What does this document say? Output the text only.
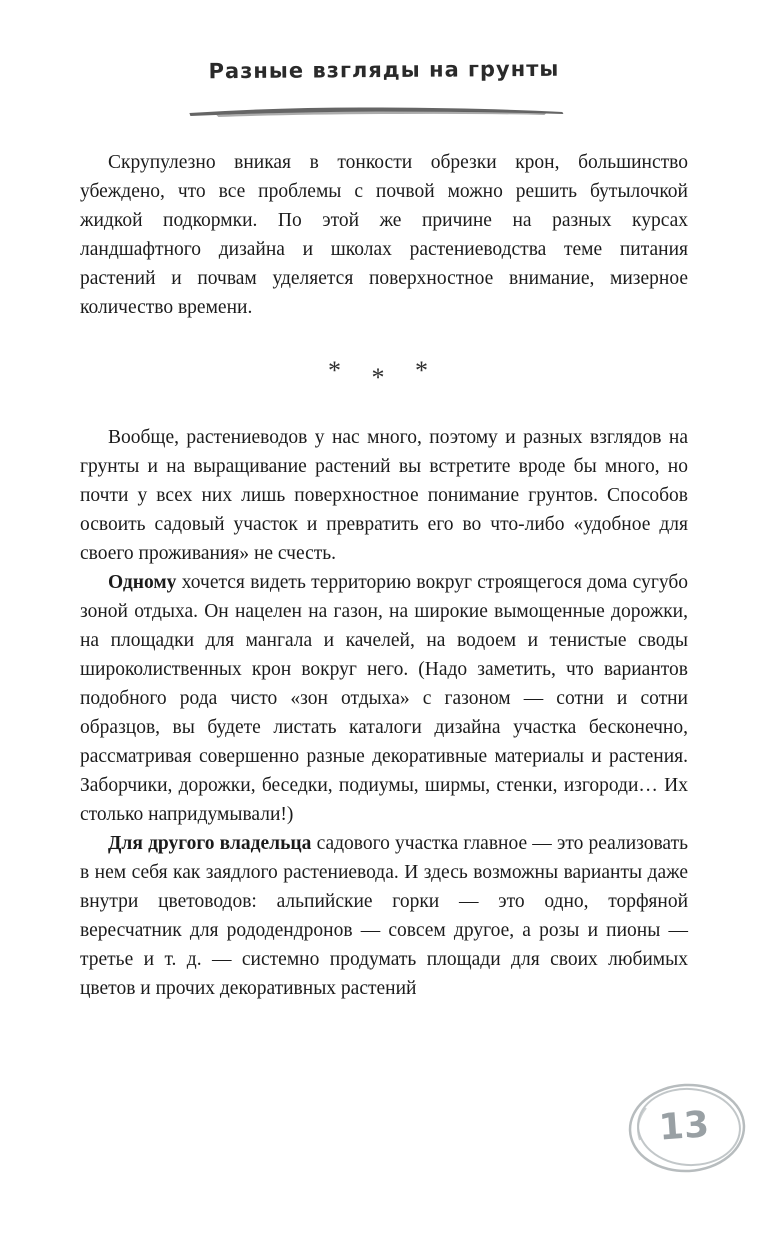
Разные взгляды на грунты

Скрупулезно вникая в тонкости обрезки крон, большинство убеждено, что все проблемы с почвой можно решить бутылочкой жидкой подкормки. По этой же причине на разных курсах ландшафтного дизайна и школах растениеводства теме питания растений и почвам уделяется поверхностное внимание, мизерное количество времени.

* * *

Вообще, растениеводов у нас много, поэтому и разных взглядов на грунты и на выращивание растений вы встретите вроде бы много, но почти у всех них лишь поверхностное понимание грунтов. Способов освоить садовый участок и превратить его во что-либо «удобное для своего проживания» не счесть.

Одному хочется видеть территорию вокруг строящегося дома сугубо зоной отдыха. Он нацелен на газон, на широкие вымощенные дорожки, на площадки для мангала и качелей, на водоем и тенистые своды широколиственных крон вокруг него. (Надо заметить, что вариантов подобного рода чисто «зон отдыха» с газоном — сотни и сотни образцов, вы будете листать каталоги дизайна участка бесконечно, рассматривая совершенно разные декоративные материалы и растения. Заборчики, дорожки, беседки, подиумы, ширмы, стенки, изгороди… Их столько напридумывали!)

Для другого владельца садового участка главное — это реализовать в нем себя как заядлого растениевода. И здесь возможны варианты даже внутри цветоводов: альпийские горки — это одно, торфяной вересчатник для рододендронов — совсем другое, а розы и пионы — третье и т. д. — системно продумать площади для своих любимых цветов и прочих декоративных растений

13
